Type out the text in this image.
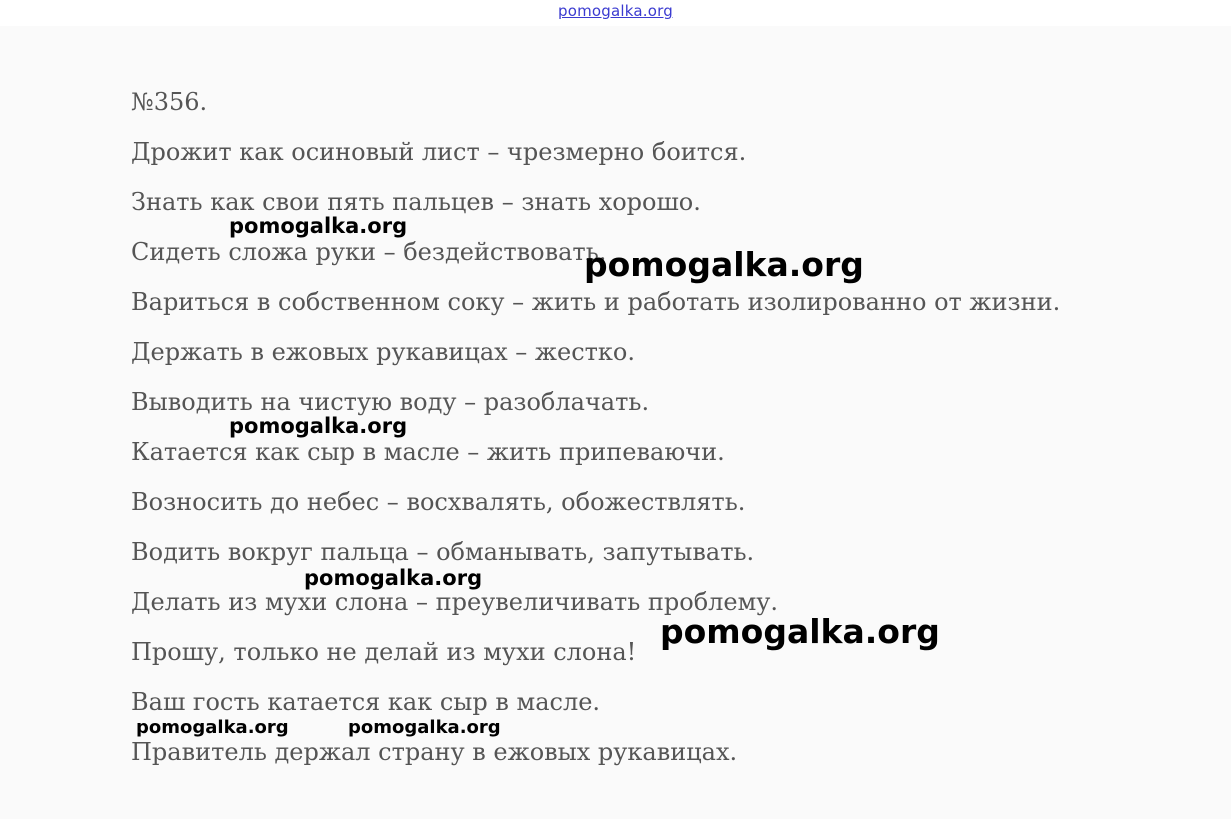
pomogalka.org
№356.
Дрожит как осиновый лист – чрезмерно боится.
Знать как свои пять пальцев – знать хорошо.
Сидеть сложа руки – бездействовать.
Вариться в собственном соку – жить и работать изолированно от жизни.
Держать в ежовых рукавицах – жестко.
Выводить на чистую воду – разоблачать.
Катается как сыр в масле – жить припеваючи.
Возносить до небес – восхвалять, обожествлять.
Водить вокруг пальца – обманывать, запутывать.
Делать из мухи слона – преувеличивать проблему.
Прошу, только не делай из мухи слона!
Ваш гость катается как сыр в масле.
Правитель держал страну в ежовых рукавицах.
pomogalka.org
pomogalka.org
pomogalka.org
pomogalka.org
pomogalka.org
pomogalka.org	pomogalka.org
